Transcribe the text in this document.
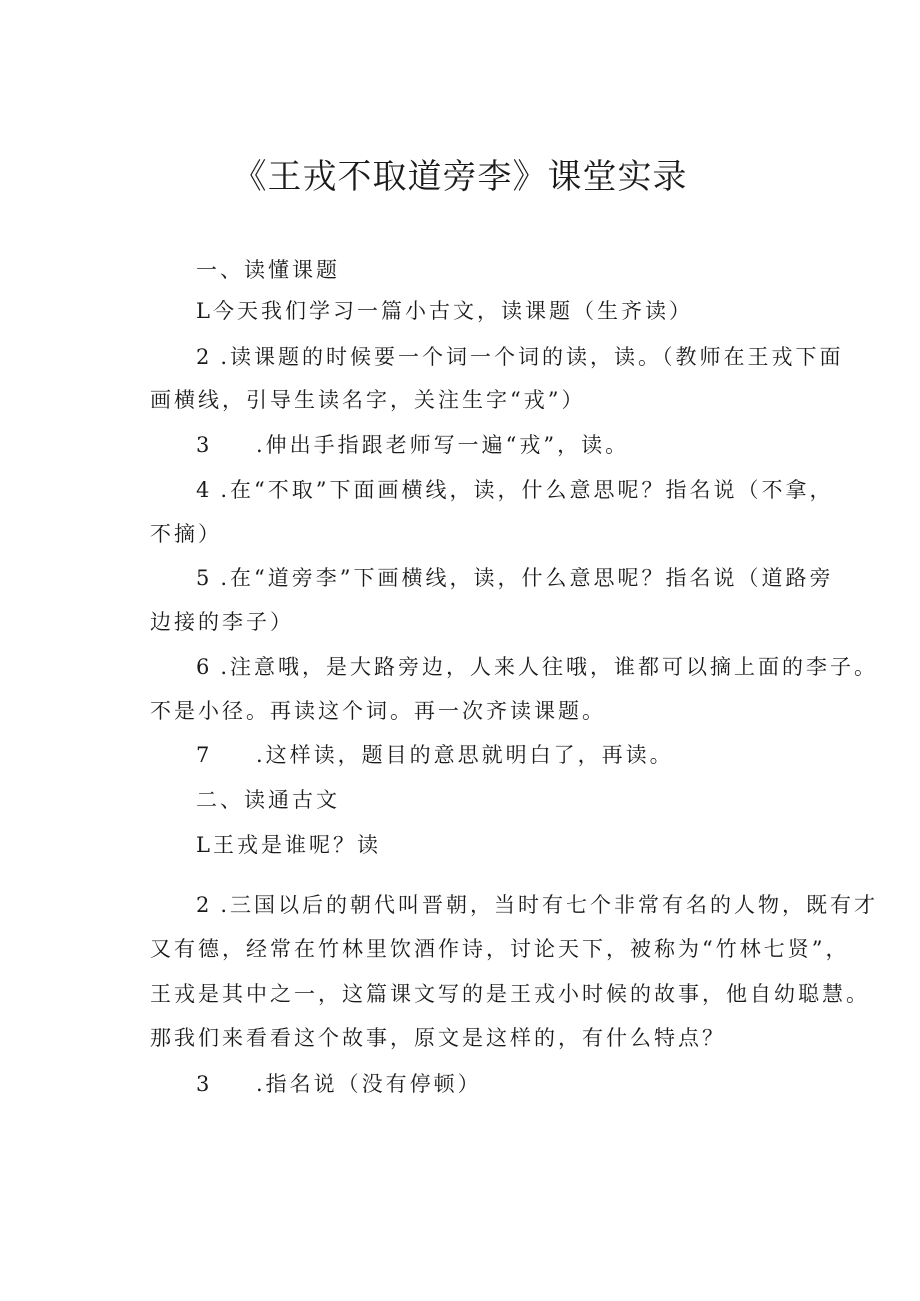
《王戎不取道旁李》课堂实录
一、读懂课题
L今天我们学习一篇小古文，读课题（生齐读）
2 .读课题的时候要一个词一个词的读，读。（教师在王戎下面
画横线，引导生读名字，关注生字“戎”）
3 .伸出手指跟老师写一遍“戎”，读。
4 .在“不取”下面画横线，读，什么意思呢？指名说（不拿，
不摘）
5 .在“道旁李”下画横线，读，什么意思呢？指名说（道路旁
边接的李子）
6 .注意哦，是大路旁边，人来人往哦，谁都可以摘上面的李子。
不是小径。再读这个词。再一次齐读课题。
7 .这样读，题目的意思就明白了，再读。
二、读通古文
L王戎是谁呢？读
2 .三国以后的朝代叫晋朝，当时有七个非常有名的人物，既有才
又有德，经常在竹林里饮酒作诗，讨论天下，被称为“竹林七贤”，
王戎是其中之一，这篇课文写的是王戎小时候的故事，他自幼聪慧。
那我们来看看这个故事，原文是这样的，有什么特点？
3 .指名说（没有停顿）
